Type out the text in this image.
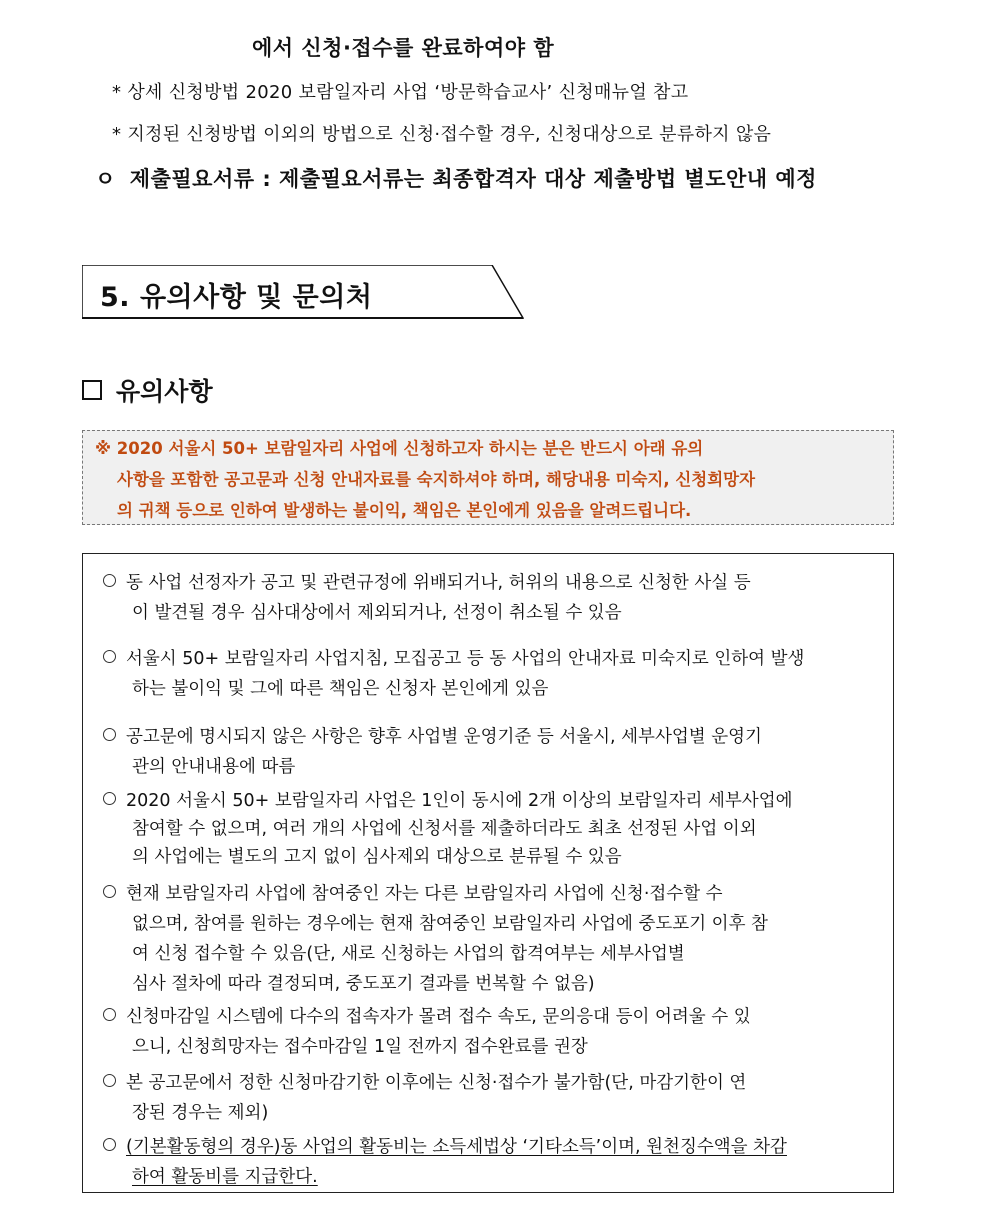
에서 신청·접수를 완료하여야 함
* 상세 신청방법 2020 보람일자리 사업 ‘방문학습교사’ 신청매뉴얼 참고
* 지정된 신청방법 이외의 방법으로 신청·접수할 경우, 신청대상으로 분류하지 않음
ㅇ 제출필요서류 : 제출필요서류는 최종합격자 대상 제출방법 별도안내 예정
5. 유의사항 및 문의처
유의사항
※ 2020 서울시 50+ 보람일자리 사업에 신청하고자 하시는 분은 반드시 아래 유의
사항을 포함한 공고문과 신청 안내자료를 숙지하셔야 하며, 해당내용 미숙지, 신청희망자
의 귀책 등으로 인하여 발생하는 불이익, 책임은 본인에게 있음을 알려드립니다.
동 사업 선정자가 공고 및 관련규정에 위배되거나, 허위의 내용으로 신청한 사실 등
이 발견될 경우 심사대상에서 제외되거나, 선정이 취소될 수 있음
서울시 50+ 보람일자리 사업지침, 모집공고 등 동 사업의 안내자료 미숙지로 인하여 발생
하는 불이익 및 그에 따른 책임은 신청자 본인에게 있음
공고문에 명시되지 않은 사항은 향후 사업별 운영기준 등 서울시, 세부사업별 운영기
관의 안내내용에 따름
2020 서울시 50+ 보람일자리 사업은 1인이 동시에 2개 이상의 보람일자리 세부사업에
참여할 수 없으며, 여러 개의 사업에 신청서를 제출하더라도 최초 선정된 사업 이외
의 사업에는 별도의 고지 없이 심사제외 대상으로 분류될 수 있음
현재 보람일자리 사업에 참여중인 자는 다른 보람일자리 사업에 신청·접수할 수
없으며, 참여를 원하는 경우에는 현재 참여중인 보람일자리 사업에 중도포기 이후 참
여 신청 접수할 수 있음(단, 새로 신청하는 사업의 합격여부는 세부사업별
심사 절차에 따라 결정되며, 중도포기 결과를 번복할 수 없음)
신청마감일 시스템에 다수의 접속자가 몰려 접수 속도, 문의응대 등이 어려울 수 있
으니, 신청희망자는 접수마감일 1일 전까지 접수완료를 권장
본 공고문에서 정한 신청마감기한 이후에는 신청·접수가 불가함(단, 마감기한이 연
장된 경우는 제외)
(기본활동형의 경우)동 사업의 활동비는 소득세법상 ‘기타소득’이며, 원천징수액을 차감
하여 활동비를 지급한다.
